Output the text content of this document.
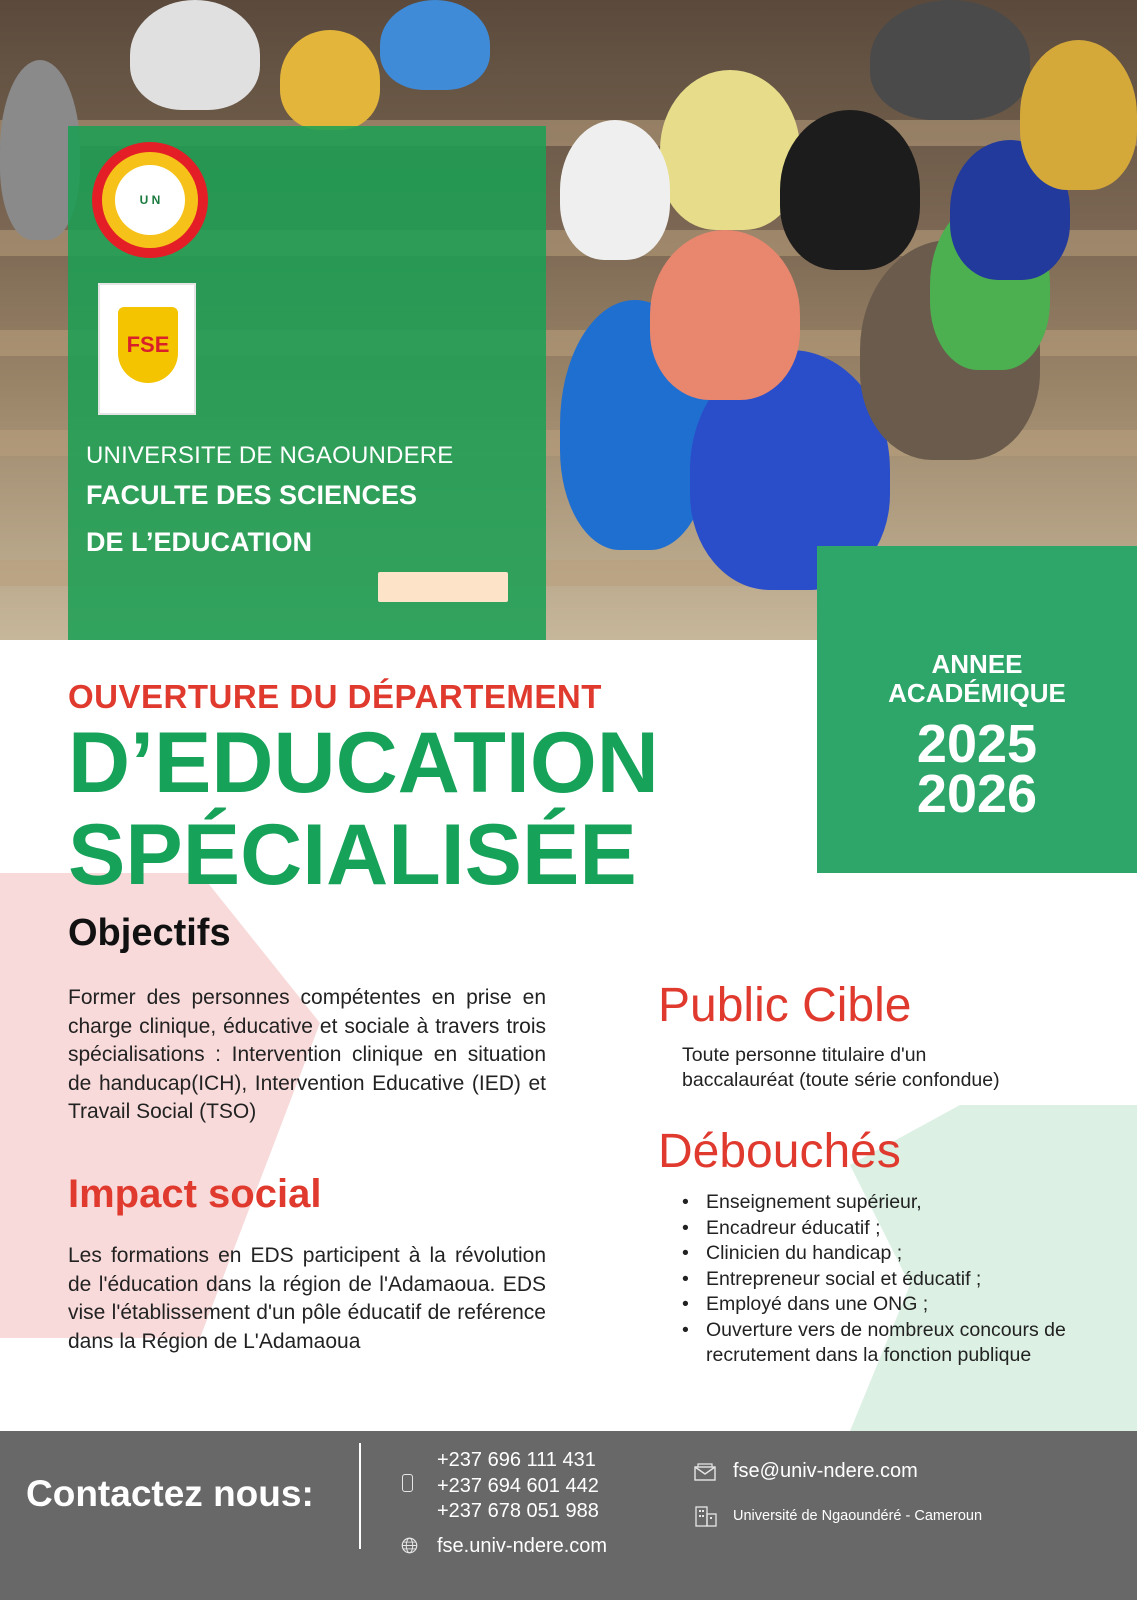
U N
FSE
UNIVERSITE DE NGAOUNDERE
FACULTE DES SCIENCES
DE L’EDUCATION
ANNEE
ACADÉMIQUE
2025
2026
OUVERTURE DU DÉPARTEMENT
D’EDUCATION
SPÉCIALISÉE
Objectifs
Former des personnes compétentes en prise en charge clinique, éducative et sociale à travers trois spécialisations : Intervention clinique en situation de handucap(ICH), Intervention Educative (IED) et Travail Social (TSO)
Impact social
Les formations en EDS participent à la révolution de l'éducation dans la région de l'Adamaoua. EDS vise l'établissement d'un pôle éducatif de reférence dans la Région de L'Adamaoua
Public Cible
Toute personne titulaire d'un
baccalauréat (toute série confondue)
Débouchés
• Enseignement supérieur,
• Encadreur éducatif ;
• Clinicien du handicap ;
• Entrepreneur social et éducatif ;
• Employé dans une ONG ;
• Ouverture vers de nombreux concours de recrutement dans la fonction publique
Contactez nous:
+237 696 111 431
+237 694 601 442
+237 678 051 988
fse.univ-ndere.com
fse@univ-ndere.com
Université de Ngaoundéré - Cameroun
